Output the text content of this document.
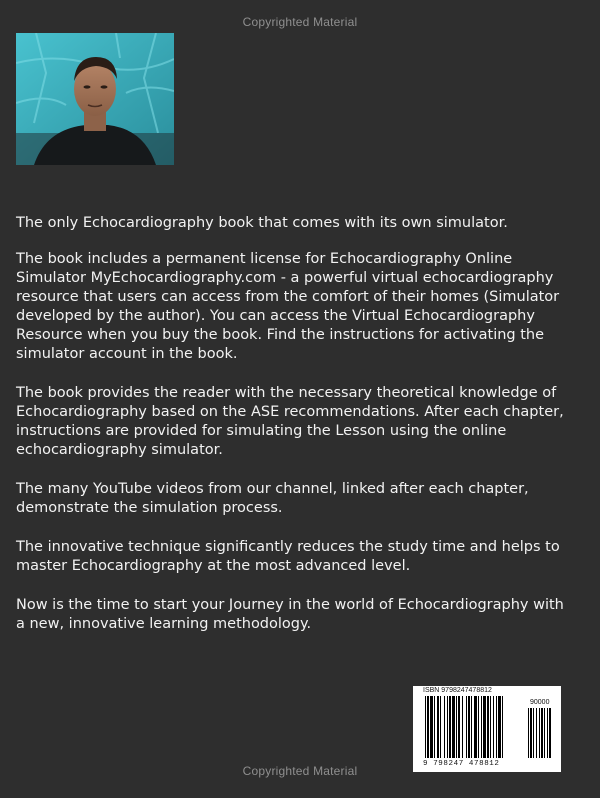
Copyrighted Material

The only Echocardiography book that comes with its own simulator.

The book includes a permanent license for Echocardiography Online Simulator MyEchocardiography.com - a powerful virtual echocardiography resource that users can access from the comfort of their homes (Simulator developed by the author). You can access the Virtual Echocardiography Resource when you buy the book. Find the instructions for activating the simulator account in the book.

The book provides the reader with the necessary theoretical knowledge of Echocardiography based on the ASE recommendations. After each chapter, instructions are provided for simulating the Lesson using the online echocardiography simulator.

The many YouTube videos from our channel, linked after each chapter, demonstrate the simulation process.

The innovative technique significantly reduces the study time and helps to master Echocardiography at the most advanced level.

Now is the time to start your Journey in the world of Echocardiography with a new, innovative learning methodology.

ISBN 9798247478812
90000
9 798247 478812
Copyrighted Material
